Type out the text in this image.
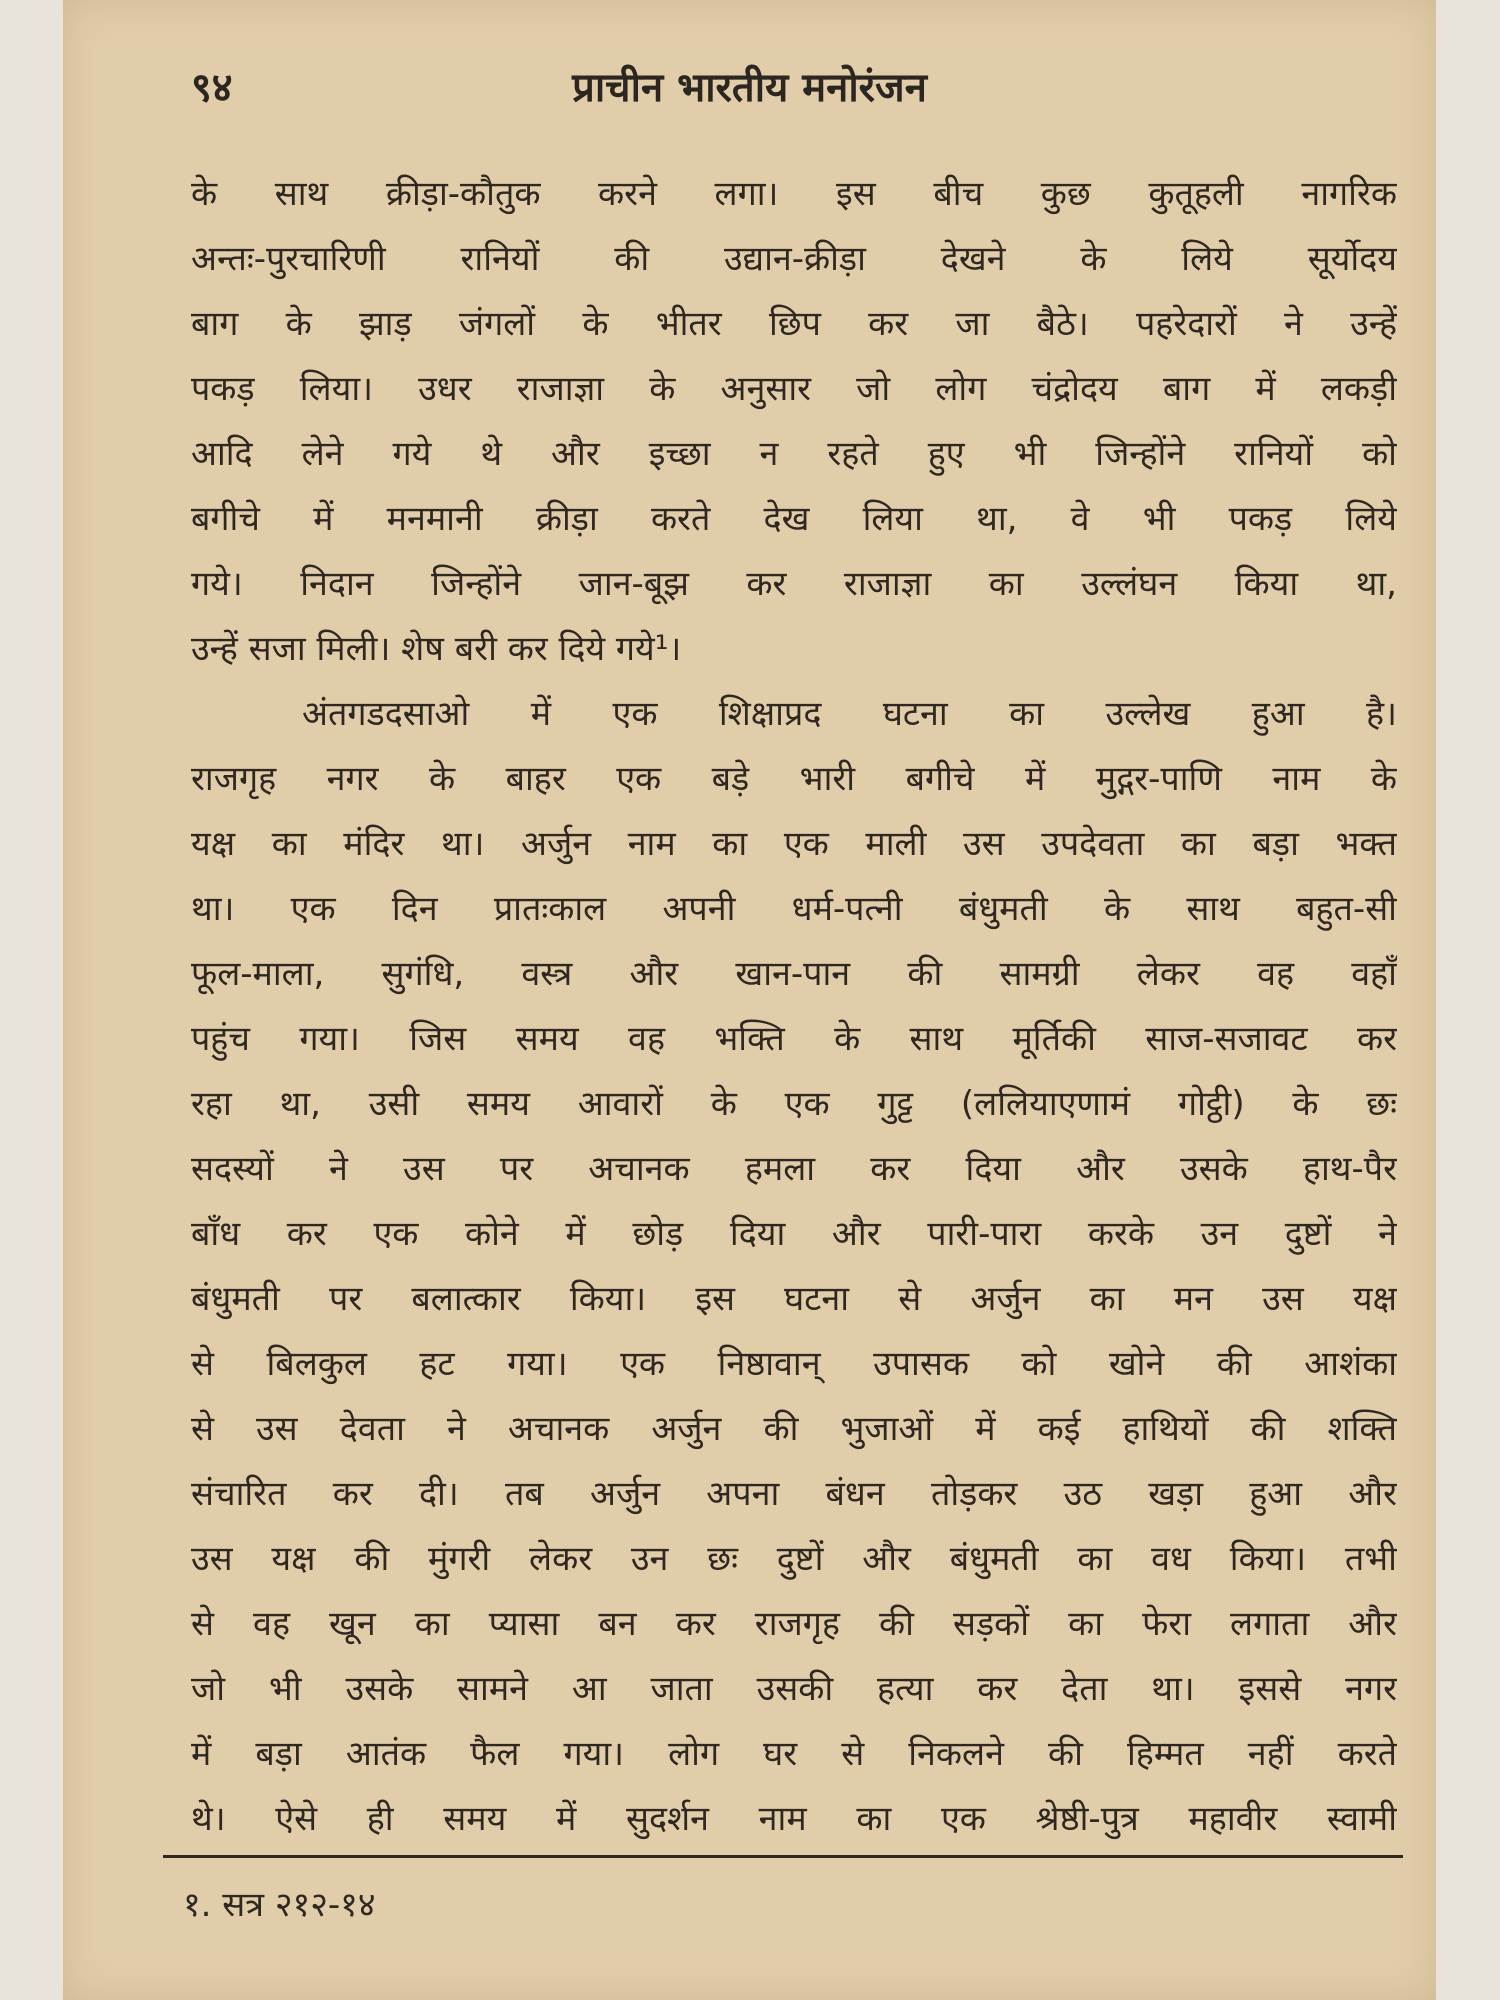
९४	प्राचीन भारतीय मनोरंजन
के साथ क्रीड़ा-कौतुक करने लगा। इस बीच कुछ कुतूहली नागरिक
अन्तः-पुरचारिणी रानियों की उद्यान-क्रीड़ा देखने के लिये सूर्योदय
बाग के झाड़ जंगलों के भीतर छिप कर जा बैठे। पहरेदारों ने उन्हें
पकड़ लिया। उधर राजाज्ञा के अनुसार जो लोग चंद्रोदय बाग में लकड़ी
आदि लेने गये थे और इच्छा न रहते हुए भी जिन्होंने रानियों को
बगीचे में मनमानी क्रीड़ा करते देख लिया था, वे भी पकड़ लिये
गये। निदान जिन्होंने जान-बूझ कर राजाज्ञा का उल्लंघन किया था,
उन्हें सजा मिली। शेष बरी कर दिये गये¹।
अंतगडदसाओ में एक शिक्षाप्रद घटना का उल्लेख हुआ है।
राजगृह नगर के बाहर एक बड़े भारी बगीचे में मुद्गर-पाणि नाम के
यक्ष का मंदिर था। अर्जुन नाम का एक माली उस उपदेवता का बड़ा भक्त
था। एक दिन प्रातःकाल अपनी धर्म-पत्नी बंधुमती के साथ बहुत-सी
फूल-माला, सुगंधि, वस्त्र और खान-पान की सामग्री लेकर वह वहाँ
पहुंच गया। जिस समय वह भक्ति के साथ मूर्तिकी साज-सजावट कर
रहा था, उसी समय आवारों के एक गुट्ट (ललियाएणामं गोट्ठी) के छः
सदस्यों ने उस पर अचानक हमला कर दिया और उसके हाथ-पैर
बाँध कर एक कोने में छोड़ दिया और पारी-पारा करके उन दुष्टों ने
बंधुमती पर बलात्कार किया। इस घटना से अर्जुन का मन उस यक्ष
से बिलकुल हट गया। एक निष्ठावान् उपासक को खोने की आशंका
से उस देवता ने अचानक अर्जुन की भुजाओं में कई हाथियों की शक्ति
संचारित कर दी। तब अर्जुन अपना बंधन तोड़कर उठ खड़ा हुआ और
उस यक्ष की मुंगरी लेकर उन छः दुष्टों और बंधुमती का वध किया। तभी
से वह खून का प्यासा बन कर राजगृह की सड़कों का फेरा लगाता और
जो भी उसके सामने आ जाता उसकी हत्या कर देता था। इससे नगर
में बड़ा आतंक फैल गया। लोग घर से निकलने की हिम्मत नहीं करते
थे। ऐसे ही समय में सुदर्शन नाम का एक श्रेष्ठी-पुत्र महावीर स्वामी
१. सत्र २१२-१४
